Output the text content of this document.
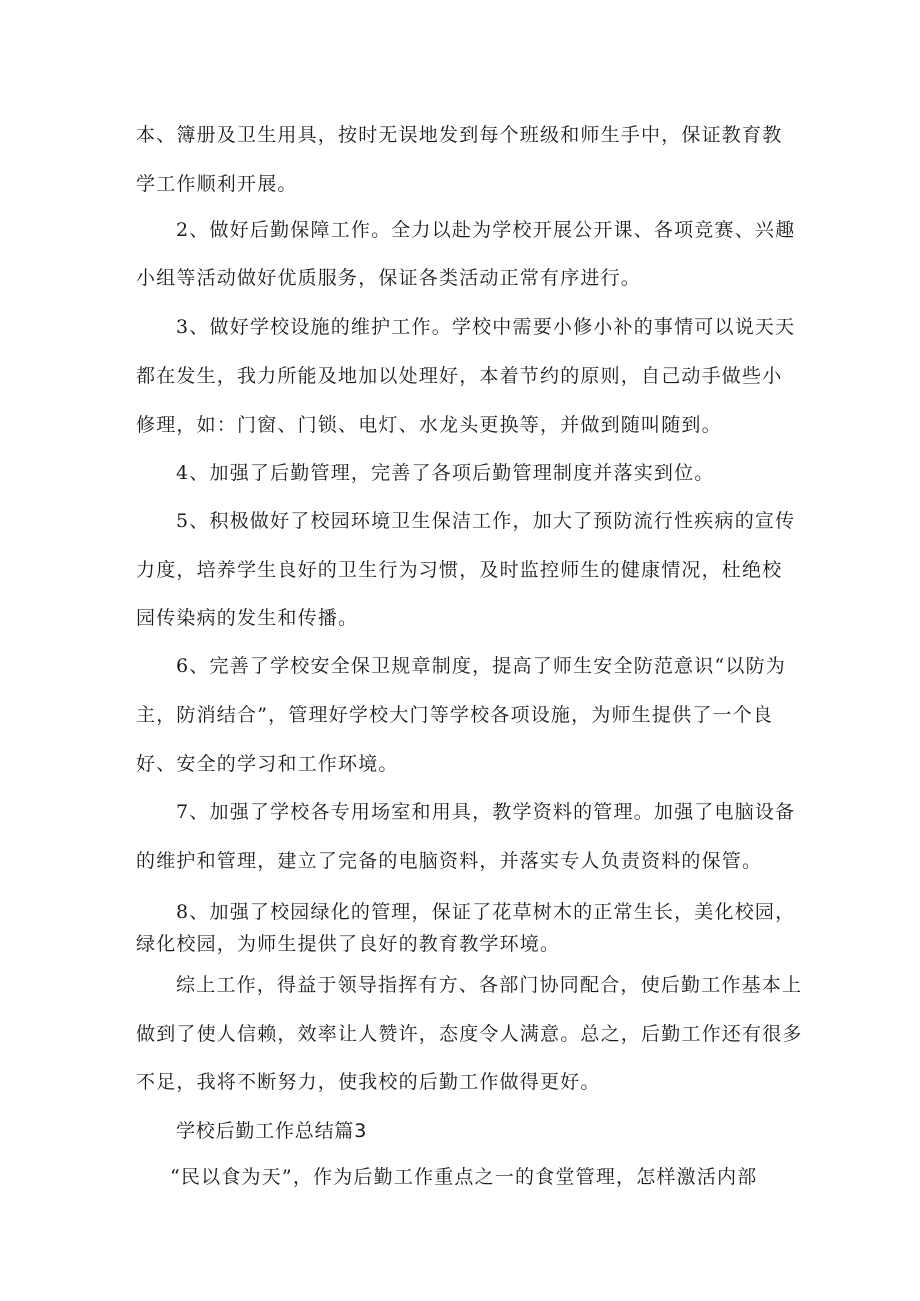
本、簿册及卫生用具，按时无误地发到每个班级和师生手中，保证教育教
学工作顺利开展。
2、做好后勤保障工作。全力以赴为学校开展公开课、各项竞赛、兴趣
小组等活动做好优质服务，保证各类活动正常有序进行。
3、做好学校设施的维护工作。学校中需要小修小补的事情可以说天天
都在发生，我力所能及地加以处理好，本着节约的原则，自己动手做些小
修理，如：门窗、门锁、电灯、水龙头更换等，并做到随叫随到。
4、加强了后勤管理，完善了各项后勤管理制度并落实到位。
5、积极做好了校园环境卫生保洁工作，加大了预防流行性疾病的宣传
力度，培养学生良好的卫生行为习惯，及时监控师生的健康情况，杜绝校
园传染病的发生和传播。
6、完善了学校安全保卫规章制度，提高了师生安全防范意识“以防为
主，防消结合”，管理好学校大门等学校各项设施，为师生提供了一个良
好、安全的学习和工作环境。
7、加强了学校各专用场室和用具，教学资料的管理。加强了电脑设备
的维护和管理，建立了完备的电脑资料，并落实专人负责资料的保管。
8、加强了校园绿化的管理，保证了花草树木的正常生长，美化校园，
绿化校园，为师生提供了良好的教育教学环境。
综上工作，得益于领导指挥有方、各部门协同配合，使后勤工作基本上
做到了使人信赖，效率让人赞许，态度令人满意。总之，后勤工作还有很多
不足，我将不断努力，使我校的后勤工作做得更好。
学校后勤工作总结篇3
“民以食为天”，作为后勤工作重点之一的食堂管理，怎样激活内部
